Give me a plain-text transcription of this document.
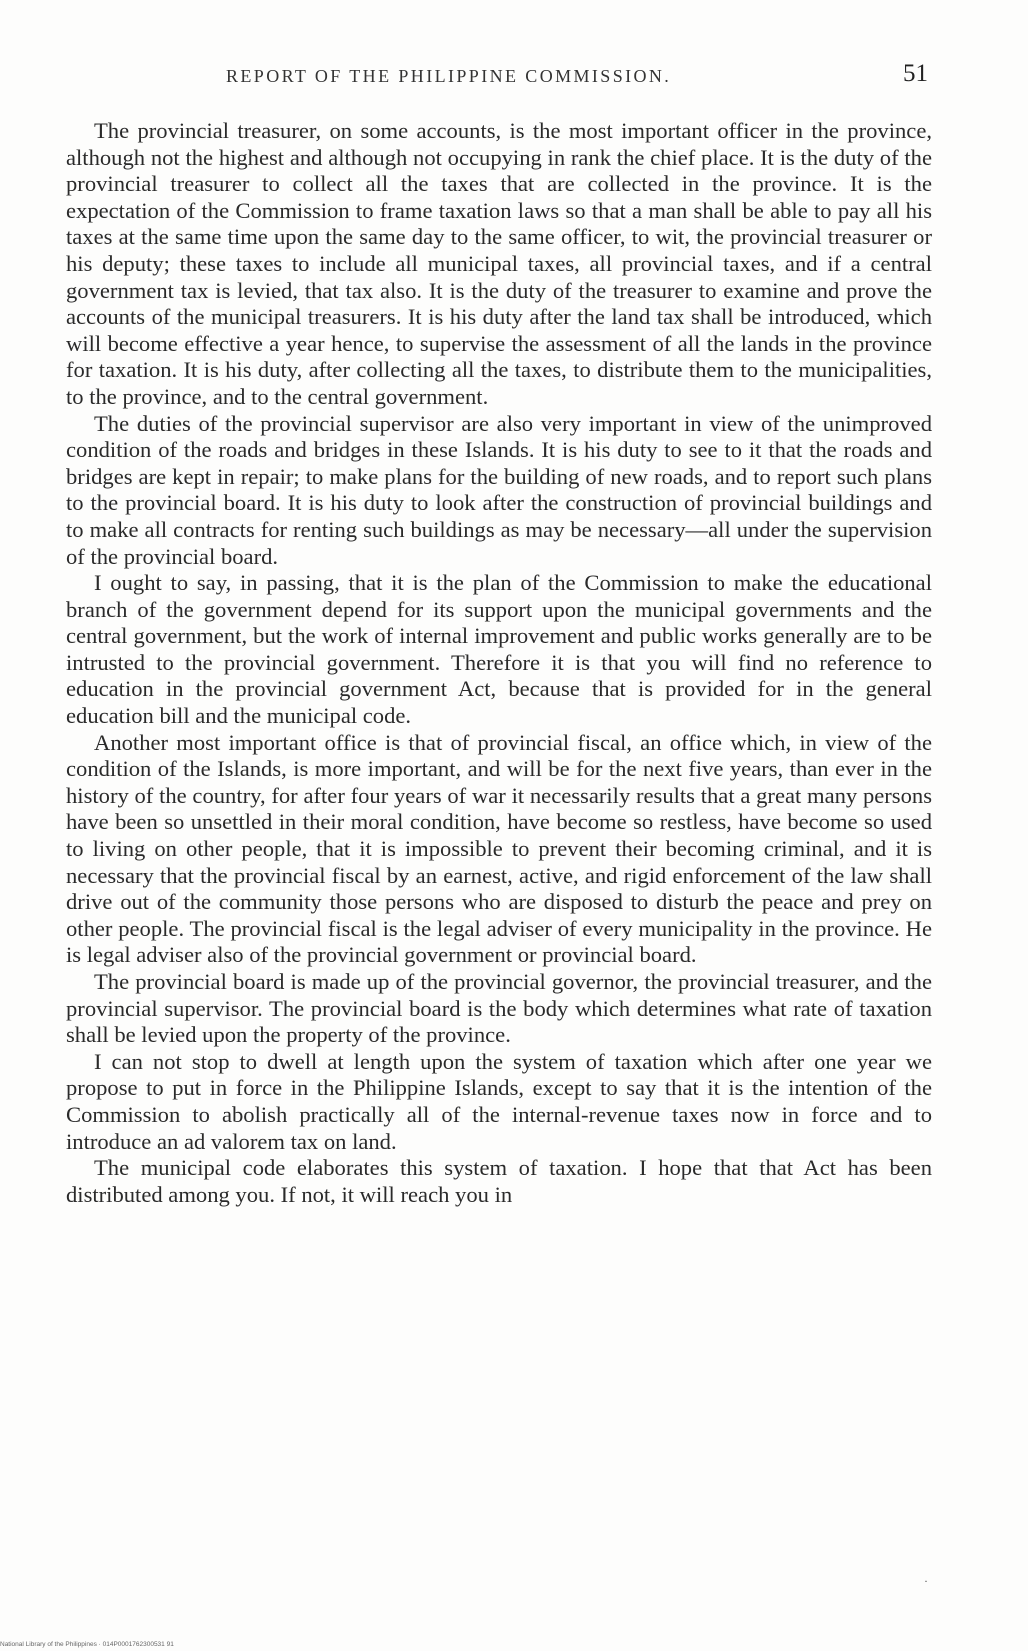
REPORT OF THE PHILIPPINE COMMISSION.	51

The provincial treasurer, on some accounts, is the most important officer in the province, although not the highest and although not occupying in rank the chief place. It is the duty of the provincial treasurer to collect all the taxes that are collected in the province. It is the expectation of the Commission to frame taxation laws so that a man shall be able to pay all his taxes at the same time upon the same day to the same officer, to wit, the provincial treasurer or his deputy; these taxes to include all municipal taxes, all provincial taxes, and if a central government tax is levied, that tax also. It is the duty of the treasurer to examine and prove the accounts of the municipal treasurers. It is his duty after the land tax shall be introduced, which will become effective a year hence, to supervise the assessment of all the lands in the province for taxation. It is his duty, after collecting all the taxes, to distribute them to the municipalities, to the province, and to the central government.

The duties of the provincial supervisor are also very important in view of the unimproved condition of the roads and bridges in these Islands. It is his duty to see to it that the roads and bridges are kept in repair; to make plans for the building of new roads, and to report such plans to the provincial board. It is his duty to look after the construction of provincial buildings and to make all contracts for renting such buildings as may be necessary—all under the supervision of the provincial board.

I ought to say, in passing, that it is the plan of the Commission to make the educational branch of the government depend for its support upon the municipal governments and the central government, but the work of internal improvement and public works generally are to be intrusted to the provincial government. Therefore it is that you will find no reference to education in the provincial government Act, because that is provided for in the general education bill and the municipal code.

Another most important office is that of provincial fiscal, an office which, in view of the condition of the Islands, is more important, and will be for the next five years, than ever in the history of the country, for after four years of war it necessarily results that a great many persons have been so unsettled in their moral condition, have become so restless, have become so used to living on other people, that it is impossible to prevent their becoming criminal, and it is necessary that the provincial fiscal by an earnest, active, and rigid enforcement of the law shall drive out of the community those persons who are disposed to disturb the peace and prey on other people. The provincial fiscal is the legal adviser of every municipality in the province. He is legal adviser also of the provincial government or provincial board.

The provincial board is made up of the provincial governor, the provincial treasurer, and the provincial supervisor. The provincial board is the body which determines what rate of taxation shall be levied upon the property of the province.

I can not stop to dwell at length upon the system of taxation which after one year we propose to put in force in the Philippine Islands, except to say that it is the intention of the Commission to abolish practically all of the internal-revenue taxes now in force and to introduce an ad valorem tax on land.

The municipal code elaborates this system of taxation. I hope that that Act has been distributed among you. If not, it will reach you in

·
National Library of the Philippines · 014P0001762300531 91
